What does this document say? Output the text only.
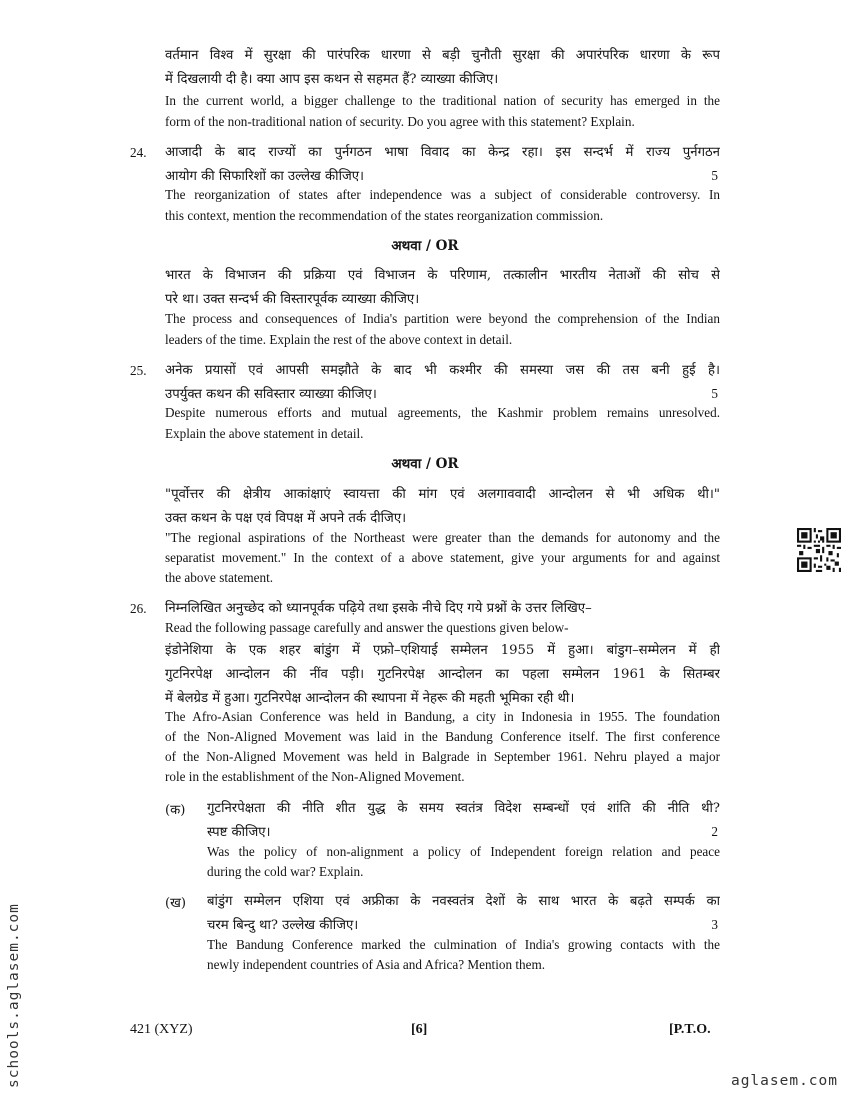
वर्तमान विश्व में सुरक्षा की पारंपरिक धारणा से बड़ी चुनौती सुरक्षा की अपारंपरिक धारणा के रूप
में दिखलायी दी है। क्या आप इस कथन से सहमत हैं? व्याख्या कीजिए।
In the current world, a bigger challenge to the traditional nation of security has emerged in the
form of the non-traditional nation of security. Do you agree with this statement? Explain.
24. आजादी के बाद राज्यों का पुर्नगठन भाषा विवाद का केन्द्र रहा। इस सन्दर्भ में राज्य पुर्नगठन
आयोग की सिफारिशों का उल्लेख कीजिए।	5
The reorganization of states after independence was a subject of considerable controversy. In
this context, mention the recommendation of the states reorganization commission.
अथवा / OR
भारत के विभाजन की प्रक्रिया एवं विभाजन के परिणाम, तत्कालीन भारतीय नेताओं की सोच से
परे था। उक्त सन्दर्भ की विस्तारपूर्वक व्याख्या कीजिए।
The process and consequences of India's partition were beyond the comprehension of the Indian
leaders of the time. Explain the rest of the above context in detail.
25. अनेक प्रयासों एवं आपसी समझौते के बाद भी कश्मीर की समस्या जस की तस बनी हुई है।
उपर्युक्त कथन की सविस्तार व्याख्या कीजिए।	5
Despite numerous efforts and mutual agreements, the Kashmir problem remains unresolved.
Explain the above statement in detail.
अथवा / OR
"पूर्वोत्तर की क्षेत्रीय आकांक्षाएं स्वायत्ता की मांग एवं अलगाववादी आन्दोलन से भी अधिक थी।"
उक्त कथन के पक्ष एवं विपक्ष में अपने तर्क दीजिए।
"The regional aspirations of the Northeast were greater than the demands for autonomy and the
separatist movement." In the context of a above statement, give your arguments for and against
the above statement.
26. निम्नलिखित अनुच्छेद को ध्यानपूर्वक पढ़िये तथा इसके नीचे दिए गये प्रश्नों के उत्तर लिखिए–
Read the following passage carefully and answer the questions given below-
इंडोनेशिया के एक शहर बांडुंग में एफ्रो–एशियाई सम्मेलन 1955 में हुआ। बांडुग–सम्मेलन में ही
गुटनिरपेक्ष आन्दोलन की नींव पड़ी। गुटनिरपेक्ष आन्दोलन का पहला सम्मेलन 1961 के सितम्बर
में बेलग्रेड में हुआ। गुटनिरपेक्ष आन्दोलन की स्थापना में नेहरू की महती भूमिका रही थी।
The Afro-Asian Conference was held in Bandung, a city in Indonesia in 1955. The foundation
of the Non-Aligned Movement was laid in the Bandung Conference itself. The first conference
of the Non-Aligned Movement was held in Balgrade in September 1961. Nehru played a major
role in the establishment of the Non-Aligned Movement.
(क) गुटनिरपेक्षता की नीति शीत युद्ध के समय स्वतंत्र विदेश सम्बन्धों एवं शांति की नीति थी?
स्पष्ट कीजिए।	2
Was the policy of non-alignment a policy of Independent foreign relation and peace
during the cold war? Explain.
(ख) बांडुंग सम्मेलन एशिया एवं अफ्रीका के नवस्वतंत्र देशों के साथ भारत के बढ़ते सम्पर्क का
चरम बिन्दु था? उल्लेख कीजिए।	3
The Bandung Conference marked the culmination of India's growing contacts with the
newly independent countries of Asia and Africa? Mention them.
421 (XYZ)	[6]	[P.T.O.
schools.aglasem.com	aglasem.com
